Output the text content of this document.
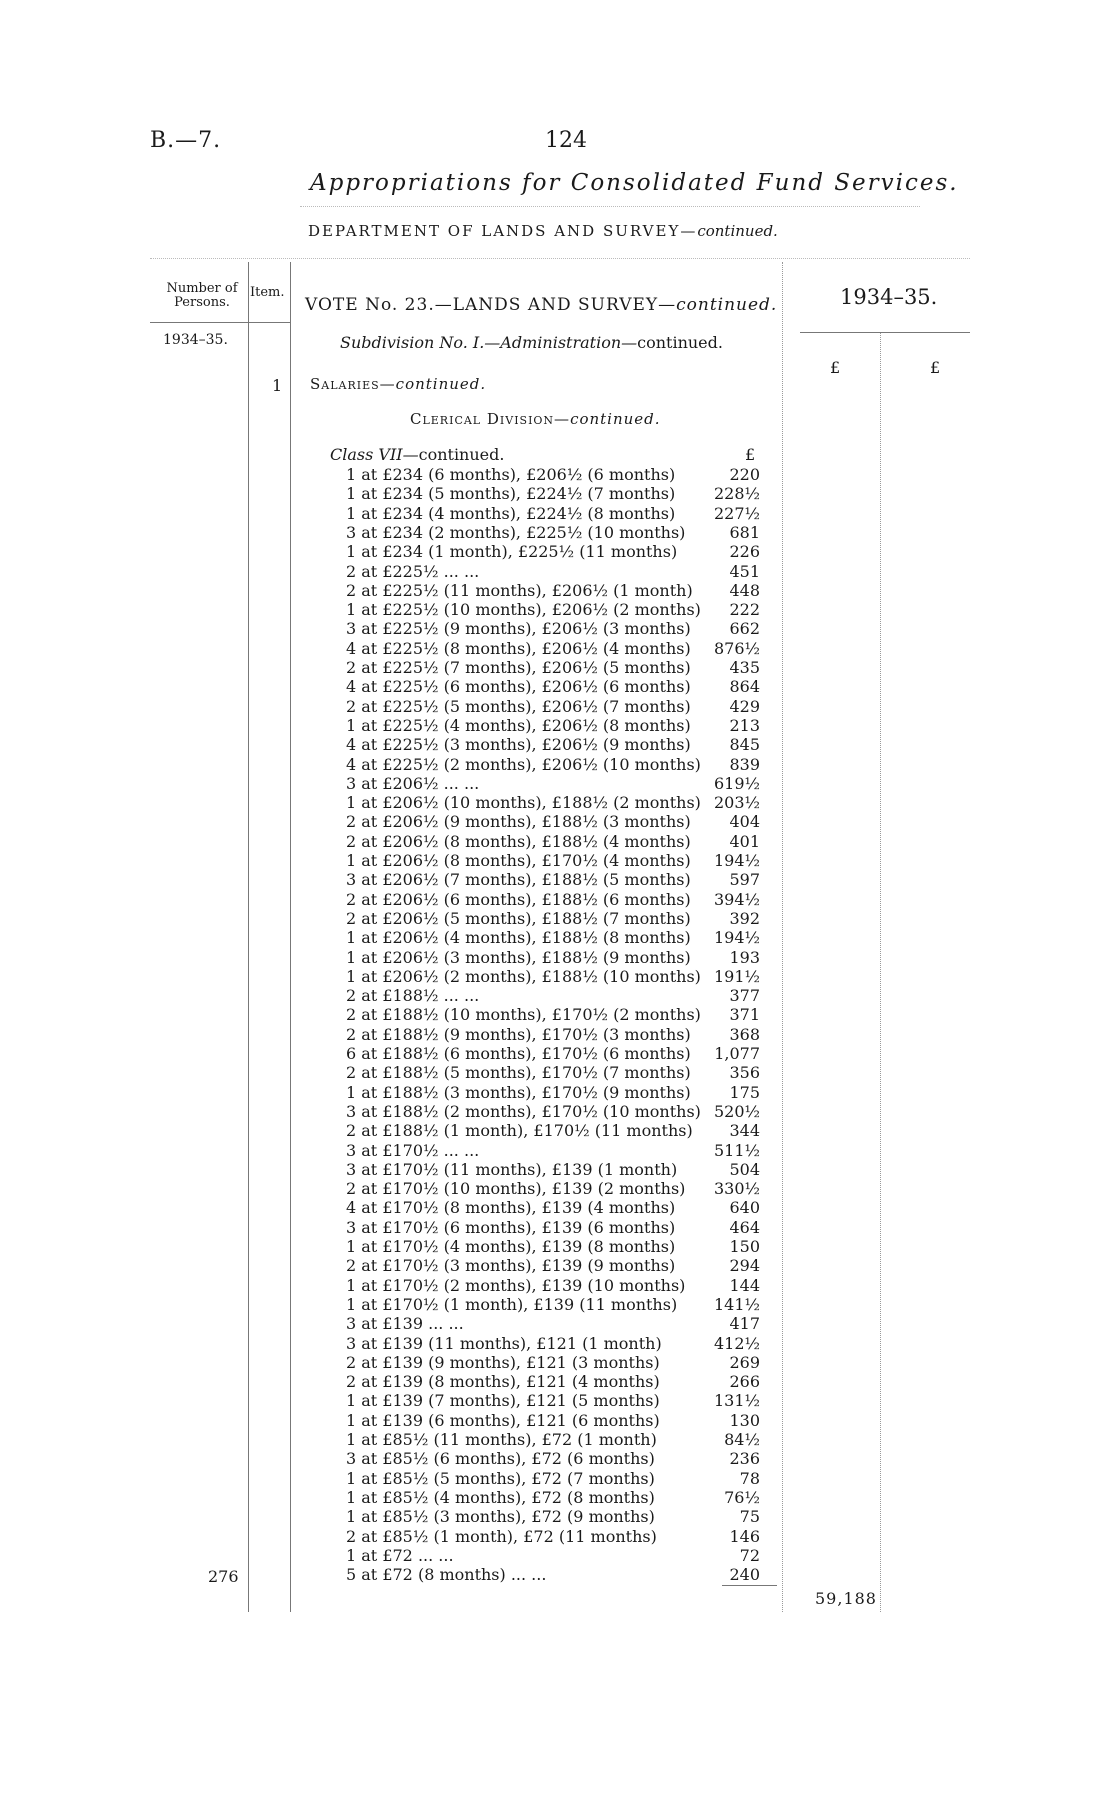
B.—7.	124
Appropriations for Consolidated Fund Services.
DEPARTMENT OF LANDS AND SURVEY—continued.
Number of Persons.
Item.	1934–35.
1934–35.
£	£
VOTE No. 23.—LANDS AND SURVEY—continued.
Subdivision No. I.—Administration—continued.
1 Salaries—continued.
Clerical Division—continued.
Class VII—continued.	£
1 at £234 (6 months), £206½ (6 months)	220
1 at £234 (5 months), £224½ (7 months)	228½
1 at £234 (4 months), £224½ (8 months)	227½
3 at £234 (2 months), £225½ (10 months)	681
1 at £234 (1 month), £225½ (11 months)	226
2 at £225½ ... ...	451
2 at £225½ (11 months), £206½ (1 month)	448
1 at £225½ (10 months), £206½ (2 months)	222
3 at £225½ (9 months), £206½ (3 months)	662
4 at £225½ (8 months), £206½ (4 months)	876½
2 at £225½ (7 months), £206½ (5 months)	435
4 at £225½ (6 months), £206½ (6 months)	864
2 at £225½ (5 months), £206½ (7 months)	429
1 at £225½ (4 months), £206½ (8 months)	213
4 at £225½ (3 months), £206½ (9 months)	845
4 at £225½ (2 months), £206½ (10 months)	839
3 at £206½ ... ...	619½
1 at £206½ (10 months), £188½ (2 months) 203½
2 at £206½ (9 months), £188½ (3 months)	404
2 at £206½ (8 months), £188½ (4 months)	401
1 at £206½ (8 months), £170½ (4 months)	194½
3 at £206½ (7 months), £188½ (5 months)	597
2 at £206½ (6 months), £188½ (6 months)	394½
2 at £206½ (5 months), £188½ (7 months)	392
1 at £206½ (4 months), £188½ (8 months)	194½
1 at £206½ (3 months), £188½ (9 months)	193
1 at £206½ (2 months), £188½ (10 months) 191½
2 at £188½ ... ...	377
2 at £188½ (10 months), £170½ (2 months)	371
2 at £188½ (9 months), £170½ (3 months)	368
6 at £188½ (6 months), £170½ (6 months)	1,077
2 at £188½ (5 months), £170½ (7 months)	356
1 at £188½ (3 months), £170½ (9 months)	175
3 at £188½ (2 months), £170½ (10 months) 520½
2 at £188½ (1 month), £170½ (11 months)	344
3 at £170½ ... ...	511½
3 at £170½ (11 months), £139 (1 month)	504
2 at £170½ (10 months), £139 (2 months)	330½
4 at £170½ (8 months), £139 (4 months)	640
3 at £170½ (6 months), £139 (6 months)	464
1 at £170½ (4 months), £139 (8 months)	150
2 at £170½ (3 months), £139 (9 months)	294
1 at £170½ (2 months), £139 (10 months)	144
1 at £170½ (1 month), £139 (11 months)	141½
3 at £139 ... ...	417
3 at £139 (11 months), £121 (1 month)	412½
2 at £139 (9 months), £121 (3 months)	269
2 at £139 (8 months), £121 (4 months)	266
1 at £139 (7 months), £121 (5 months)	131½
1 at £139 (6 months), £121 (6 months)	130
1 at £85½ (11 months), £72 (1 month)	84½
3 at £85½ (6 months), £72 (6 months)	236
1 at £85½ (5 months), £72 (7 months)	78
1 at £85½ (4 months), £72 (8 months)	76½
1 at £85½ (3 months), £72 (9 months)	75
2 at £85½ (1 month), £72 (11 months)	146
1 at £72 ... ...	72
5 at £72 (8 months) ... ...	240
276
59,188
